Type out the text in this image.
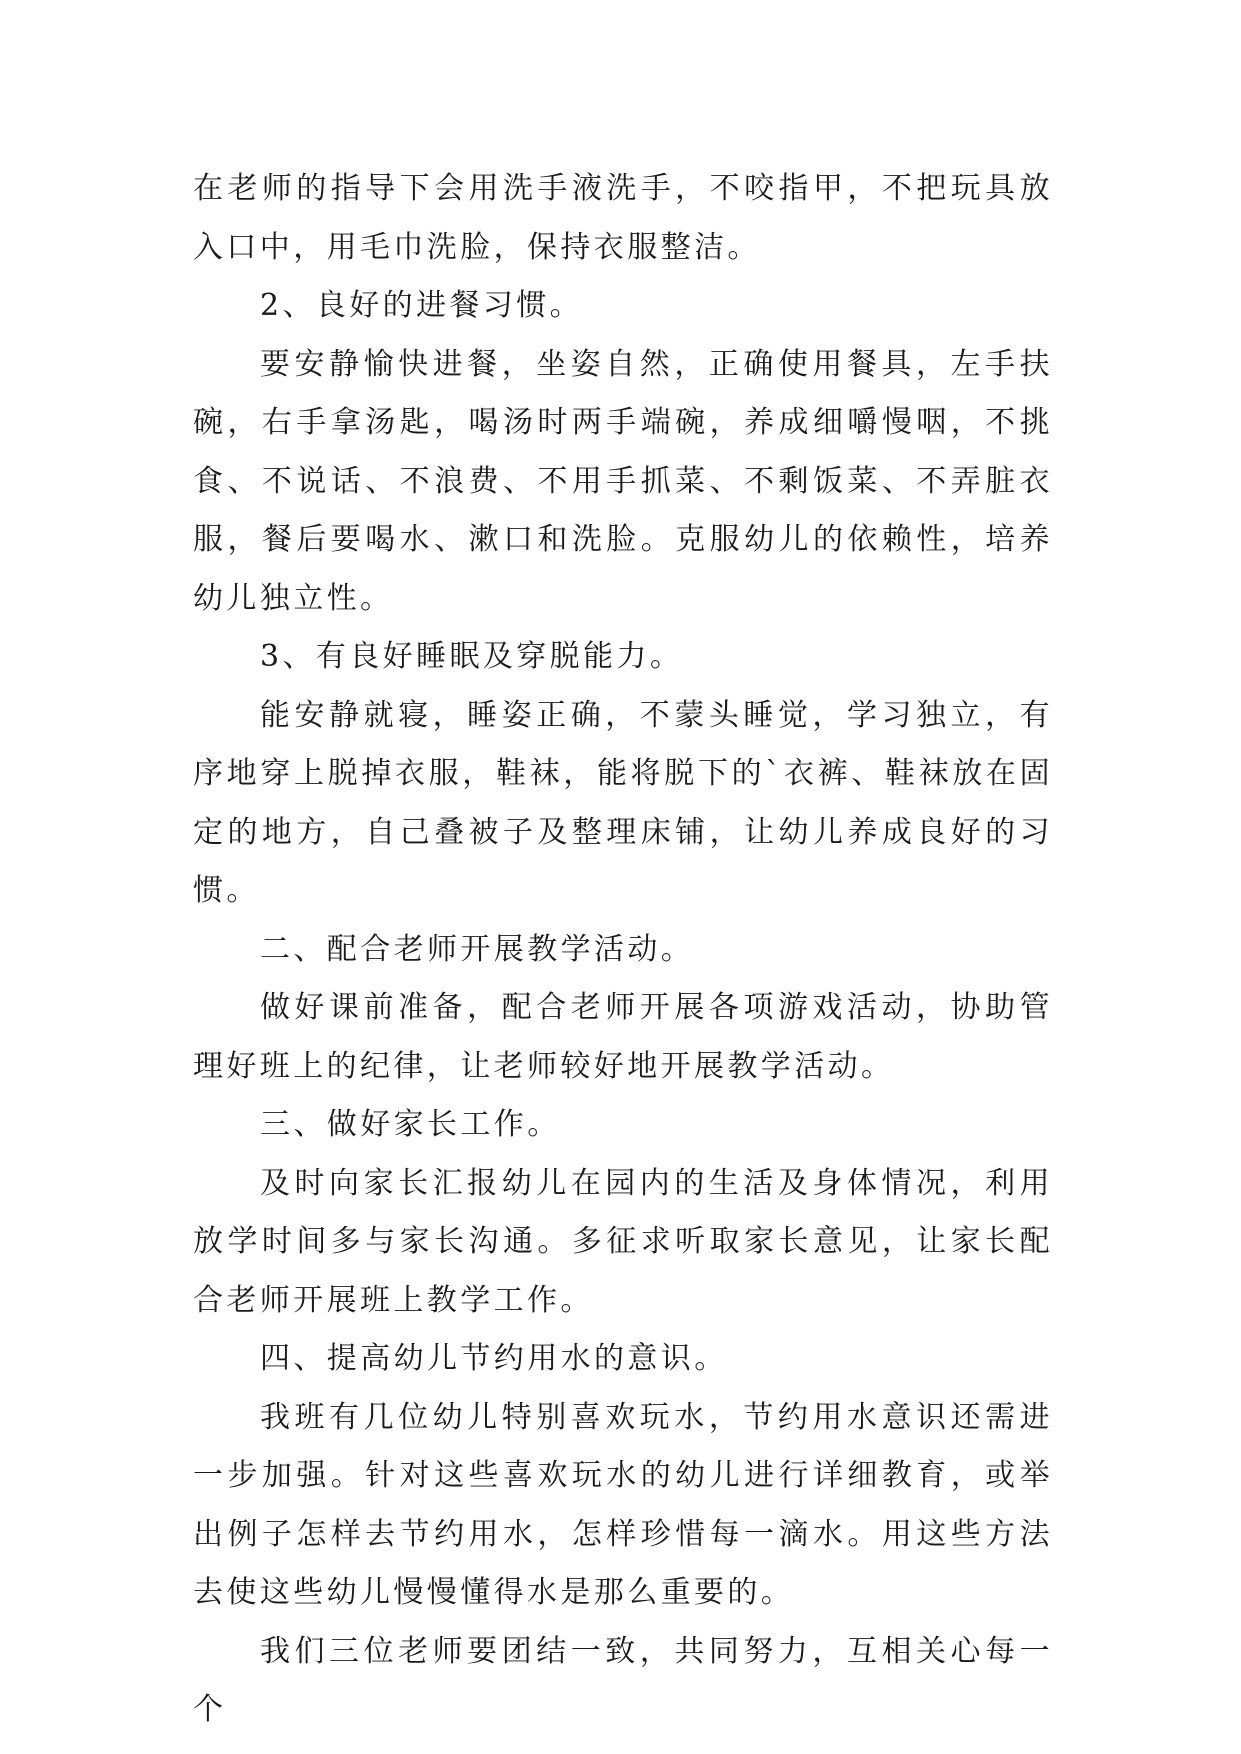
在老师的指导下会用洗手液洗手，不咬指甲，不把玩具放入口中，用毛巾洗脸，保持衣服整洁。

2、良好的进餐习惯。

要安静愉快进餐，坐姿自然，正确使用餐具，左手扶碗，右手拿汤匙，喝汤时两手端碗，养成细嚼慢咽，不挑食、不说话、不浪费、不用手抓菜、不剩饭菜、不弄脏衣服，餐后要喝水、漱口和洗脸。克服幼儿的依赖性，培养幼儿独立性。

3、有良好睡眠及穿脱能力。

能安静就寝，睡姿正确，不蒙头睡觉，学习独立，有序地穿上脱掉衣服，鞋袜，能将脱下的`衣裤、鞋袜放在固定的地方，自己叠被子及整理床铺，让幼儿养成良好的习惯。

二、配合老师开展教学活动。

做好课前准备，配合老师开展各项游戏活动，协助管理好班上的纪律，让老师较好地开展教学活动。

三、做好家长工作。

及时向家长汇报幼儿在园内的生活及身体情况，利用放学时间多与家长沟通。多征求听取家长意见，让家长配合老师开展班上教学工作。

四、提高幼儿节约用水的意识。

我班有几位幼儿特别喜欢玩水，节约用水意识还需进一步加强。针对这些喜欢玩水的幼儿进行详细教育，或举出例子怎样去节约用水，怎样珍惜每一滴水。用这些方法去使这些幼儿慢慢懂得水是那么重要的。

我们三位老师要团结一致，共同努力，互相关心每一个
